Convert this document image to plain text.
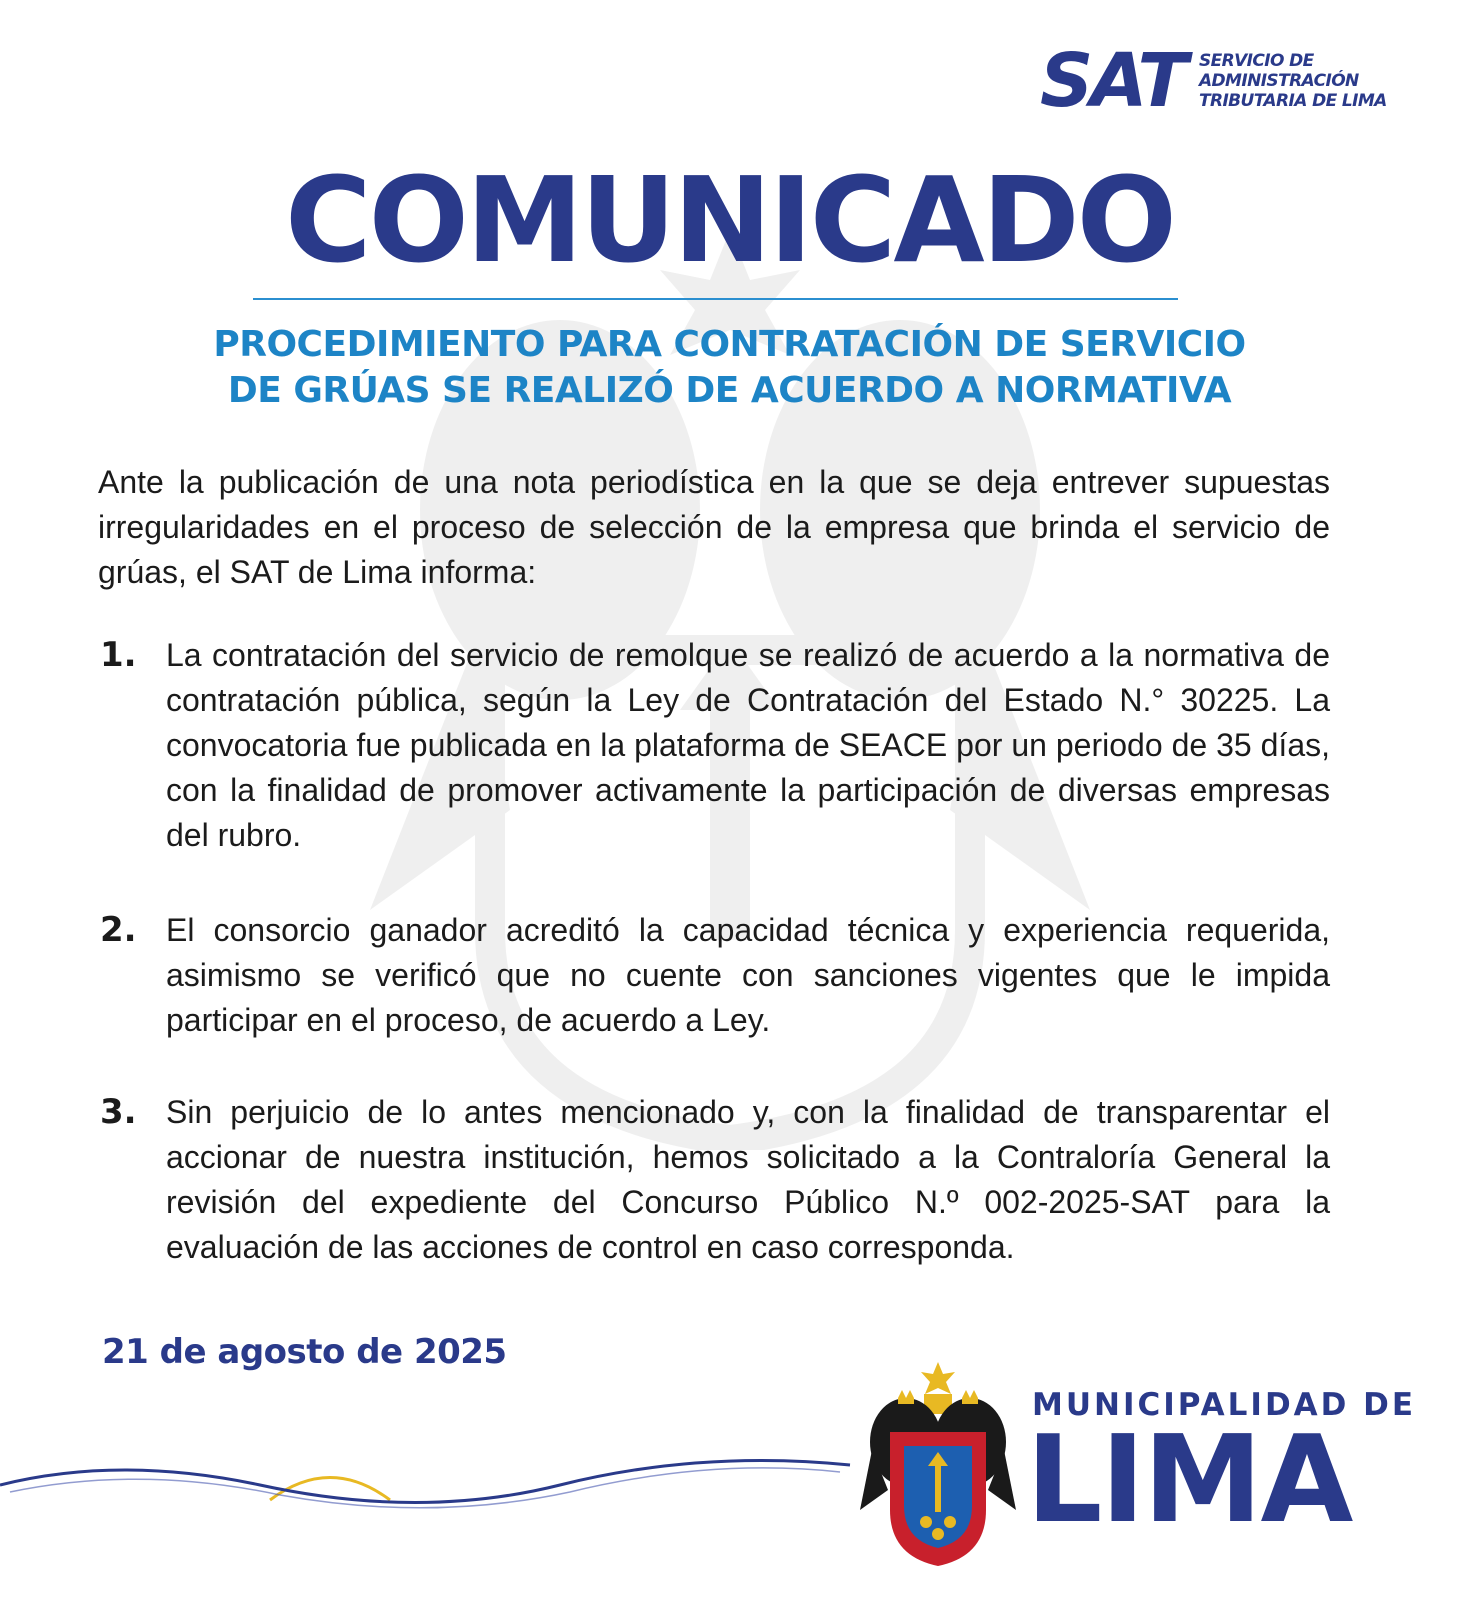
SAT SERVICIO DE
ADMINISTRACIÓN
TRIBUTARIA DE LIMA
COMUNICADO
PROCEDIMIENTO PARA CONTRATACIÓN DE SERVICIO
DE GRÚAS SE REALIZÓ DE ACUERDO A NORMATIVA

Ante la publicación de una nota periodística en la que se deja entrever supuestas irregularidades en el proceso de selección de la empresa que brinda el servicio de grúas, el SAT de Lima informa:

1. La contratación del servicio de remolque se realizó de acuerdo a la normativa de contratación pública, según la Ley de Contratación del Estado N.° 30225. La convocatoria fue publicada en la plataforma de SEACE por un periodo de 35 días, con la finalidad de promover activamente la participación de diversas empresas del rubro.

2. El consorcio ganador acreditó la capacidad técnica y experiencia requerida, asimismo se verificó que no cuente con sanciones vigentes que le impida participar en el proceso, de acuerdo a Ley.

3. Sin perjuicio de lo antes mencionado y, con la finalidad de transparentar el accionar de nuestra institución, hemos solicitado a la Contraloría General la revisión del expediente del Concurso Público N.º 002-2025-SAT para la evaluación de las acciones de control en caso corresponda.

21 de agosto de 2025
MUNICIPALIDAD DE
LIMA
